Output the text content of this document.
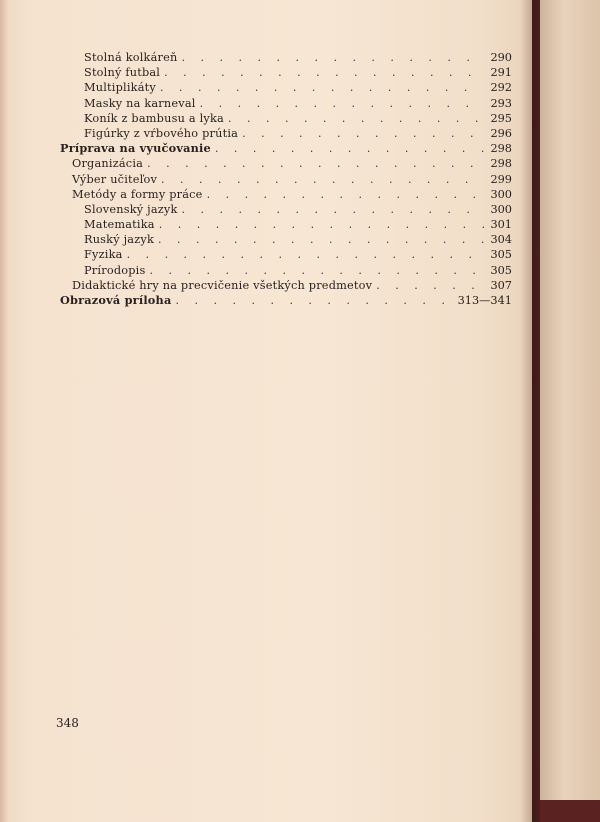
Stolná kolkáreň . . .	290
Stolný futbal . . .	291
Multiplikáty . . .	292
Masky na karneval . . .	293
Koník z bambusu a lyka . . .	295
Figúrky z vŕbového prútia . . .	296
Príprava na vyučovanie . . .	298
Organizácia . . .	298
Výber učiteľov . . .	299
Metódy a formy práce . . .	300
Slovenský jazyk . . .	300
Matematika . . .	301
Ruský jazyk . . .	304
Fyzika . . .	305
Prírodopis . . .	305
Didaktické hry na precvičenie všetkých predmetov . . .	307
Obrazová príloha . . .	313—341
348
